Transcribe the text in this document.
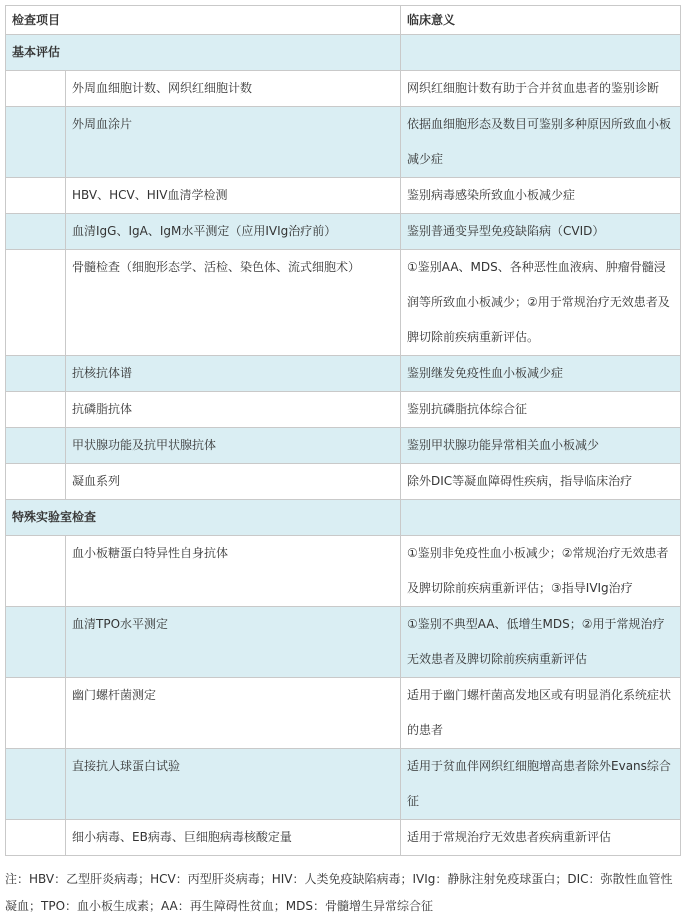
检查项目		临床意义
基本评估		
	外周血细胞计数、网织红细胞计数	网织红细胞计数有助于合并贫血患者的鉴别诊断
	外周血涂片	依据血细胞形态及数目可鉴别多种原因所致血小板减少症
	HBV、HCV、HIV血清学检测	鉴别病毒感染所致血小板减少症
	血清IgG、IgA、IgM水平测定（应用IVIg治疗前）	鉴别普通变异型免疫缺陷病（CVID）
	骨髓检查（细胞形态学、活检、染色体、流式细胞术）	①鉴别AA、MDS、各种恶性血液病、肿瘤骨髓浸润等所致血小板减少；②用于常规治疗无效患者及脾切除前疾病重新评估。
	抗核抗体谱	鉴别继发免疫性血小板减少症
	抗磷脂抗体	鉴别抗磷脂抗体综合征
	甲状腺功能及抗甲状腺抗体	鉴别甲状腺功能异常相关血小板减少
	凝血系列	除外DIC等凝血障碍性疾病，指导临床治疗
特殊实验室检查		
	血小板糖蛋白特异性自身抗体	①鉴别非免疫性血小板减少；②常规治疗无效患者及脾切除前疾病重新评估；③指导IVIg治疗
	血清TPO水平测定	①鉴别不典型AA、低增生MDS；②用于常规治疗无效患者及脾切除前疾病重新评估
	幽门螺杆菌测定	适用于幽门螺杆菌高发地区或有明显消化系统症状的患者
	直接抗人球蛋白试验	适用于贫血伴网织红细胞增高患者除外Evans综合征
	细小病毒、EB病毒、巨细胞病毒核酸定量	适用于常规治疗无效患者疾病重新评估
注：HBV：乙型肝炎病毒；HCV：丙型肝炎病毒；HIV：人类免疫缺陷病毒；IVIg：静脉注射免疫球蛋白；DIC：弥散性血管性凝血；TPO：血小板生成素；AA：再生障碍性贫血；MDS：骨髓增生异常综合征
